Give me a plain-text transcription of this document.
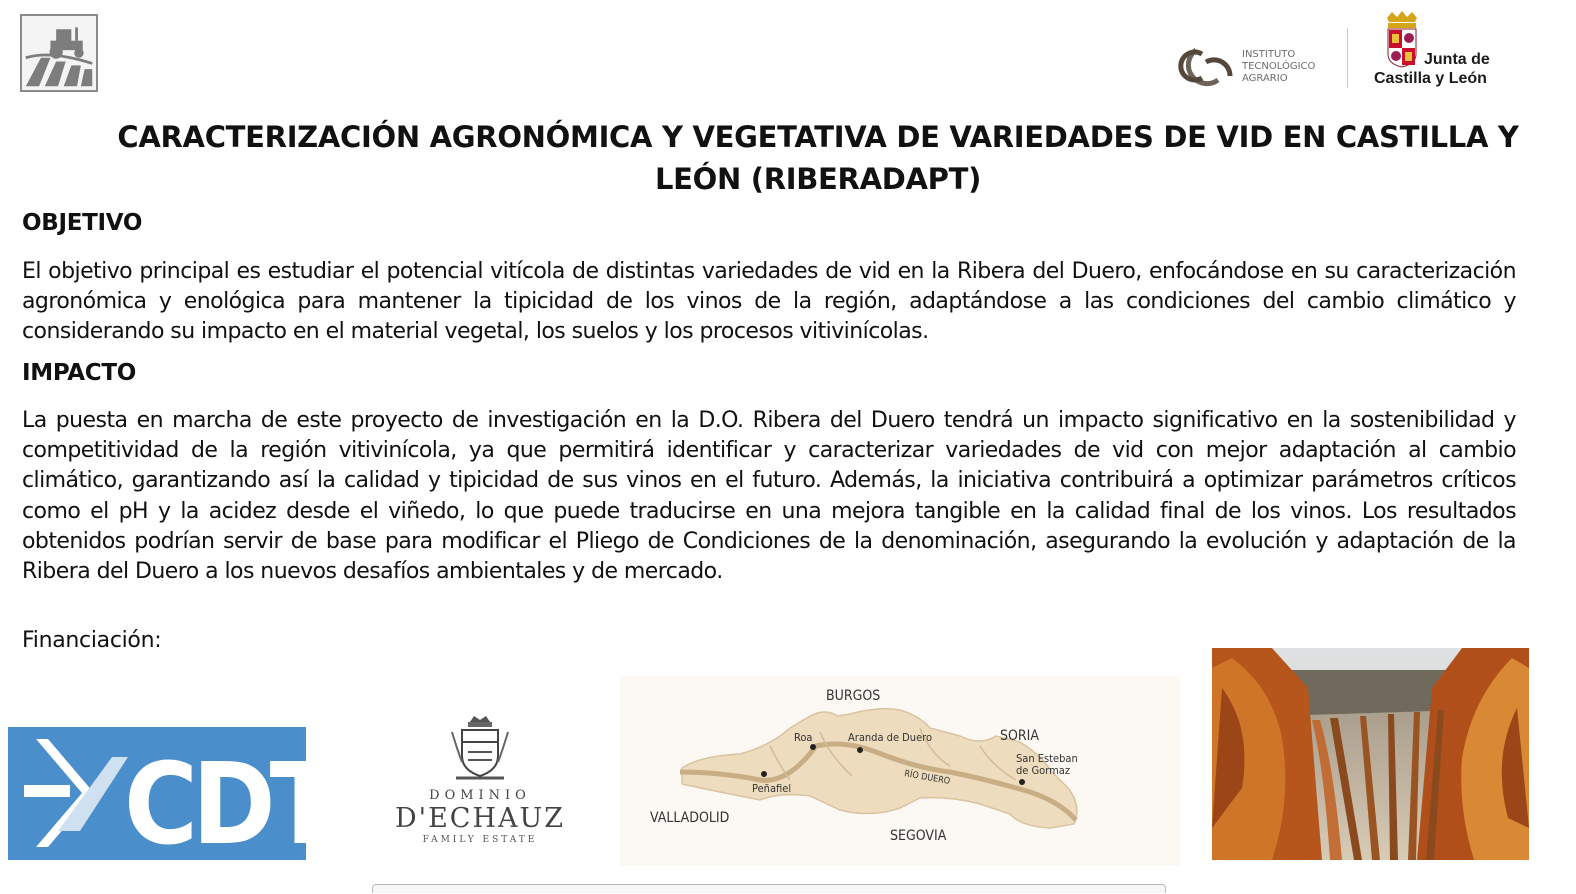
INSTITUTO
TECNOLÓGICO
AGRARIO
Junta de
Castilla y León
CARACTERIZACIÓN AGRONÓMICA Y VEGETATIVA DE VARIEDADES DE VID EN CASTILLA Y LEÓN (RIBERADAPT)
OBJETIVO
El objetivo principal es estudiar el potencial vitícola de distintas variedades de vid en la Ribera del Duero, enfocándose en su caracterización agronómica y enológica para mantener la tipicidad de los vinos de la región, adaptándose a las condiciones del cambio climático y considerando su impacto en el material vegetal, los suelos y los procesos vitivinícolas.
IMPACTO
La puesta en marcha de este proyecto de investigación en la D.O. Ribera del Duero tendrá un impacto significativo en la sostenibilidad y competitividad de la región vitivinícola, ya que permitirá identificar y caracterizar variedades de vid con mejor adaptación al cambio climático, garantizando así la calidad y tipicidad de sus vinos en el futuro. Además, la iniciativa contribuirá a optimizar parámetros críticos como el pH y la acidez desde el viñedo, lo que puede traducirse en una mejora tangible en la calidad final de los vinos. Los resultados obtenidos podrían servir de base para modificar el Pliego de Condiciones de la denominación, asegurando la evolución y adaptación de la Ribera del Duero a los nuevos desafíos ambientales y de mercado.
Financiación:
CDTI	DOMINIO
D'ECHAUZ
FAMILY ESTATE
BURGOS
SORIA
VALLADOLID
SEGOVIA
Roa	Aranda de Duero
Peñafiel
San Esteban
de Gormaz
RÍO DUERO
